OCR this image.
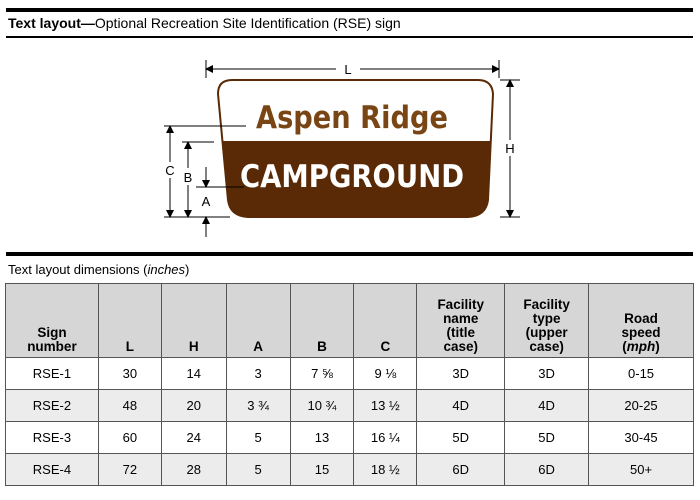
Text layout—Optional Recreation Site Identification (RSE) sign
Aspen Ridge
CAMPGROUND
L
H
C B
A
Text layout dimensions (inches)
Sign
number	L	H	A	B	C	Facility
name
(title
case)	Facility
type
(upper
case)	Road
speed
(mph)
RSE-1	30	14	3	7 ⅝	9 ⅛	3D	3D	0-15
RSE-2	48	20	3 ¾	10 ¾	13 ½	4D	4D	20-25
RSE-3	60	24	5	13	16 ¼	5D	5D	30-45
RSE-4	72	28	5	15	18 ½	6D	6D	50+
